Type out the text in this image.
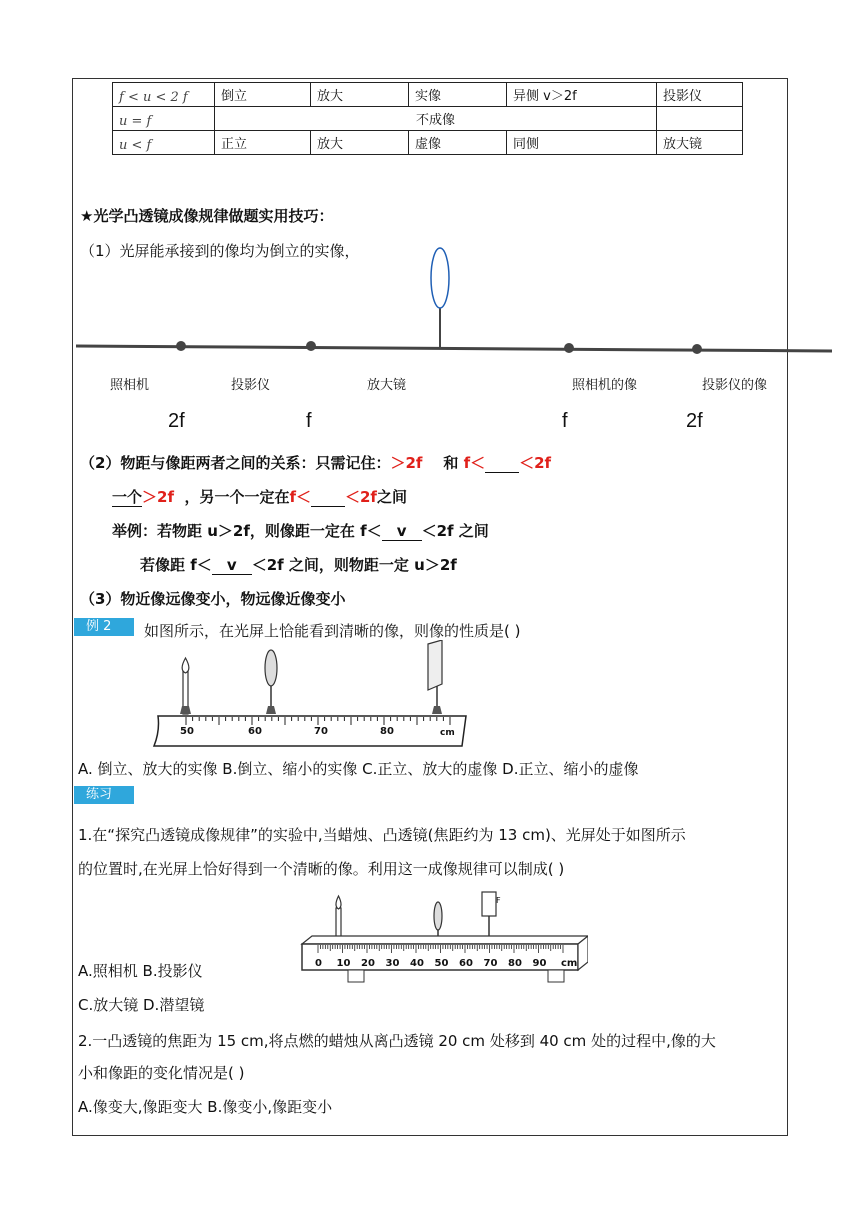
f < u < 2 f	倒立	放大	实像	异侧 v＞2f	投影仪
u = f	不成像				
u < f	正立	放大	虚像	同侧	放大镜
★光学凸透镜成像规律做题实用技巧：
（1）光屏能承接到的像均为倒立的实像，
照相机	投影仪	放大镜	照相机的像	投影仪的像
2f	f	f	2f
（2）物距与像距两者之间的关系：只需记住：＞2f 和 f＜ ＜2f
一个＞2f ，另一个一定在f＜ ＜2f之间
举例：若物距 u＞2f，则像距一定在 f＜ v ＜2f 之间
若像距 f＜ v ＜2f 之间，则物距一定 u＞2f
（3）物近像远像变小，物远像近像变小
例 2	如图所示，在光屏上恰能看到清晰的像，则像的性质是( )
50	60	70	80	cm
A. 倒立、放大的实像 B.倒立、缩小的实像 C.正立、放大的虚像 D.正立、缩小的虚像
练习
1.在“探究凸透镜成像规律”的实验中,当蜡烛、凸透镜(焦距约为 13 cm)、光屏处于如图所示
的位置时,在光屏上恰好得到一个清晰的像。利用这一成像规律可以制成( )
F
0 10 20 30 40 50 60 70 80 90 cm
A.照相机 B.投影仪
C.放大镜 D.潜望镜
2.一凸透镜的焦距为 15 cm,将点燃的蜡烛从离凸透镜 20 cm 处移到 40 cm 处的过程中,像的大
小和像距的变化情况是( )
A.像变大,像距变大 B.像变小,像距变小
